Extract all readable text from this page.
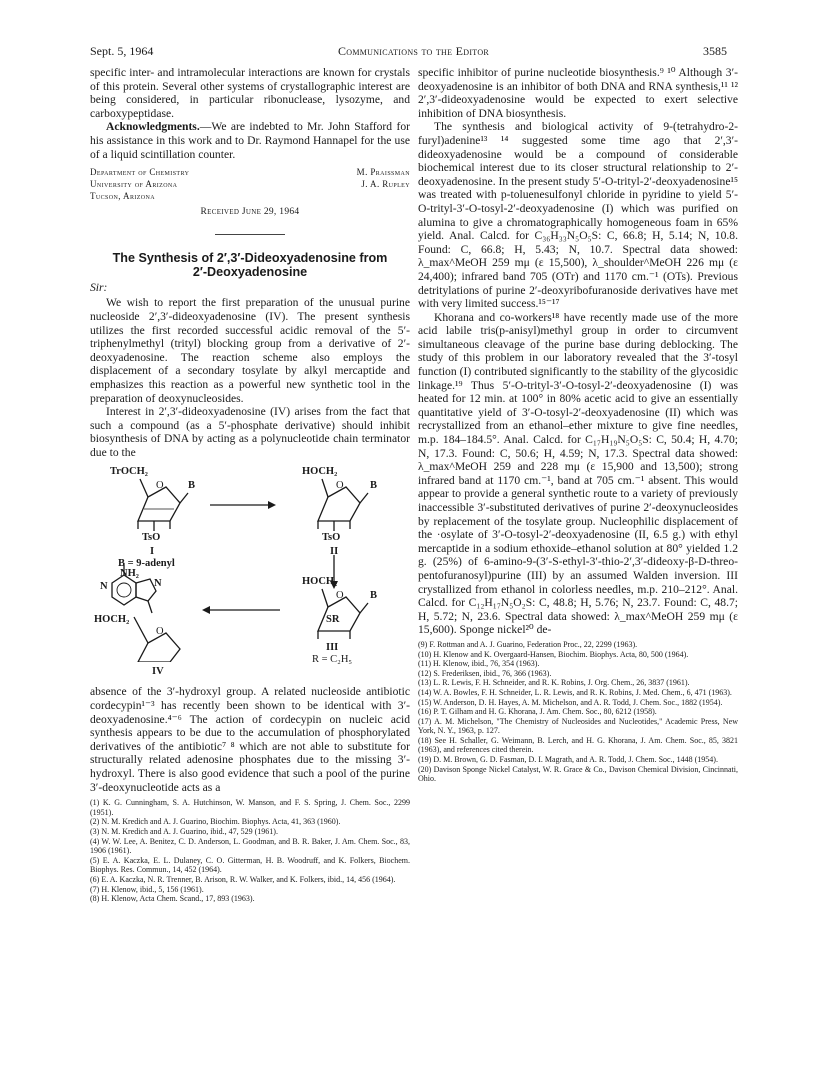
Sept. 5, 1964	Communications to the Editor	3585

specific inter- and intramolecular interactions are known for crystals of this protein. Several other systems of crystallographic interest are being considered, in particular ribonuclease, lysozyme, and carboxypeptidase.

Acknowledgments.—We are indebted to Mr. John Stafford for his assistance in this work and to Dr. Raymond Hannapel for the use of a liquid scintillation counter.

Department of Chemistry
University of Arizona
Tucson, Arizona
M. Praissman
J. A. Rupley
Received June 29, 1964
The Synthesis of 2′,3′-Dideoxyadenosine from
2′-Deoxyadenosine
Sir:

We wish to report the first preparation of the unusual purine nucleoside 2′,3′-dideoxyadenosine (IV). The present synthesis utilizes the first recorded successful acidic removal of the 5′-triphenylmethyl (trityl) blocking group from a derivative of 2′-deoxyadenosine. The reaction scheme also employs the displacement of a secondary tosylate by alkyl mercaptide and emphasizes this reaction as a powerful new synthetic tool in the preparation of deoxynucleosides.

Interest in 2′,3′-dideoxyadenosine (IV) arises from the fact that such a compound (as a 5′-phosphate derivative) should inhibit biosynthesis of DNA by acting as a polynucleotide chain terminator due to the

TrOCH₂
O B
TsO
I
B = 9-adenyl
NH₂
N	N
HOCH₂
O
HOCH₂
O	B
TsO
II
HOCH₂
O	B
SR
III
R = C₂H₅
IV

absence of the 3′-hydroxyl group. A related nucleoside antibiotic cordecypin¹⁻³ has recently been shown to be identical with 3′-deoxyadenosine.⁴⁻⁶ The action of cordecypin on nucleic acid synthesis appears to be due to the accumulation of phosphorylated derivatives of the antibiotic⁷ ⁸ which are not able to substitute for structurally related adenosine phosphates due to the missing 3′-hydroxyl. There is also good evidence that such a pool of the purine 3′-deoxynucleotide acts as a

(1) K. G. Cunningham, S. A. Hutchinson, W. Manson, and F. S. Spring, J. Chem. Soc., 2299 (1951).
(2) N. M. Kredich and A. J. Guarino, Biochim. Biophys. Acta, 41, 363 (1960).
(3) N. M. Kredich and A. J. Guarino, ibid., 47, 529 (1961).
(4) W. W. Lee, A. Benitez, C. D. Anderson, L. Goodman, and B. R. Baker, J. Am. Chem. Soc., 83, 1906 (1961).
(5) E. A. Kaczka, E. L. Dulaney, C. O. Gitterman, H. B. Woodruff, and K. Folkers, Biochem. Biophys. Res. Commun., 14, 452 (1964).
(6) E. A. Kaczka, N. R. Trenner, B. Arison, R. W. Walker, and K. Folkers, ibid., 14, 456 (1964).
(7) H. Klenow, ibid., 5, 156 (1961).
(8) H. Klenow, Acta Chem. Scand., 17, 893 (1963).

specific inhibitor of purine nucleotide biosynthesis.⁹ ¹⁰ Although 3′-deoxyadenosine is an inhibitor of both DNA and RNA synthesis,¹¹ ¹² 2′,3′-dideoxyadenosine would be expected to exert selective inhibition of DNA biosynthesis.

The synthesis and biological activity of 9-(tetrahydro-2-furyl)adenine¹³ ¹⁴ suggested some time ago that 2′,3′-dideoxyadenosine would be a compound of considerable biochemical interest due to its closer structural relationship to 2′-deoxyadenosine. In the present study 5′-O-trityl-2′-deoxyadenosine¹⁵ was treated with p-toluenesulfonyl chloride in pyridine to yield 5′-O-trityl-3′-O-tosyl-2′-deoxyadenosine (I) which was purified on alumina to give a chromatographically homogeneous foam in 65% yield. Anal. Calcd. for C₃₆H₃₃N₅O₅S: C, 66.8; H, 5.14; N, 10.8. Found: C, 66.8; H, 5.43; N, 10.7. Spectral data showed: λ_max^MeOH 259 mμ (ε 15,500), λ_shoulder^MeOH 226 mμ (ε 24,400); infrared band 705 (OTr) and 1170 cm.⁻¹ (OTs). Previous detritylations of purine 2′-deoxyribofuranoside derivatives have met with very limited success.¹⁵⁻¹⁷

Khorana and co-workers¹⁸ have recently made use of the more acid labile tris(p-anisyl)methyl group in order to circumvent simultaneous cleavage of the purine base during deblocking. The study of this problem in our laboratory revealed that the 3′-tosyl function (I) contributed significantly to the stability of the glycosidic linkage.¹⁹ Thus 5′-O-trityl-3′-O-tosyl-2′-deoxyadenosine (I) was heated for 12 min. at 100° in 80% acetic acid to give an essentially quantitative yield of 3′-O-tosyl-2′-deoxyadenosine (II) which was recrystallized from an ethanol–ether mixture to give fine needles, m.p. 184–184.5°. Anal. Calcd. for C₁₇H₁₉N₅O₅S: C, 50.4; H, 4.70; N, 17.3. Found: C, 50.6; H, 4.59; N, 17.3. Spectral data showed: λ_max^MeOH 259 and 228 mμ (ε 15,900 and 13,500); strong infrared band at 1170 cm.⁻¹, band at 705 cm.⁻¹ absent. This would appear to provide a general synthetic route to a variety of previously inaccessible 3′-substituted derivatives of purine 2′-deoxynucleosides by replacement of the tosylate group. Nucleophilic displacement of the ·osylate of 3′-O-tosyl-2′-deoxyadenosine (II, 6.5 g.) with ethyl mercaptide in a sodium ethoxide–ethanol solution at 80° yielded 1.2 g. (25%) of 6-amino-9-(3′-S-ethyl-3′-thio-2′,3′-dideoxy-β-D-threo-pentofuranosyl)purine (III) by an assumed Walden inversion. III crystallized from ethanol in colorless needles, m.p. 210–212°. Anal. Calcd. for C₁₂H₁₇N₅O₂S: C, 48.8; H, 5.76; N, 23.7. Found: C, 48.7; H, 5.72; N, 23.6. Spectral data showed: λ_max^MeOH 259 mμ (ε 15,600). Sponge nickel²⁰ de-

(9) F. Rottman and A. J. Guarino, Federation Proc., 22, 2299 (1963).
(10) H. Klenow and K. Overgaard-Hansen, Biochim. Biophys. Acta, 80, 500 (1964).
(11) H. Klenow, ibid., 76, 354 (1963).
(12) S. Frederiksen, ibid., 76, 366 (1963).
(13) L. R. Lewis, F. H. Schneider, and R. K. Robins, J. Org. Chem., 26, 3837 (1961).
(14) W. A. Bowles, F. H. Schneider, L. R. Lewis, and R. K. Robins, J. Med. Chem., 6, 471 (1963).
(15) W. Anderson, D. H. Hayes, A. M. Michelson, and A. R. Todd, J. Chem. Soc., 1882 (1954).
(16) P. T. Gilham and H. G. Khorana, J. Am. Chem. Soc., 80, 6212 (1958).
(17) A. M. Michelson, "The Chemistry of Nucleosides and Nucleotides," Academic Press, New York, N. Y., 1963, p. 127.
(18) See H. Schaller, G. Weimann, B. Lerch, and H. G. Khorana, J. Am. Chem. Soc., 85, 3821 (1963), and references cited therein.
(19) D. M. Brown, G. D. Fasman, D. I. Magrath, and A. R. Todd, J. Chem. Soc., 1448 (1954).
(20) Davison Sponge Nickel Catalyst, W. R. Grace & Co., Davison Chemical Division, Cincinnati, Ohio.
